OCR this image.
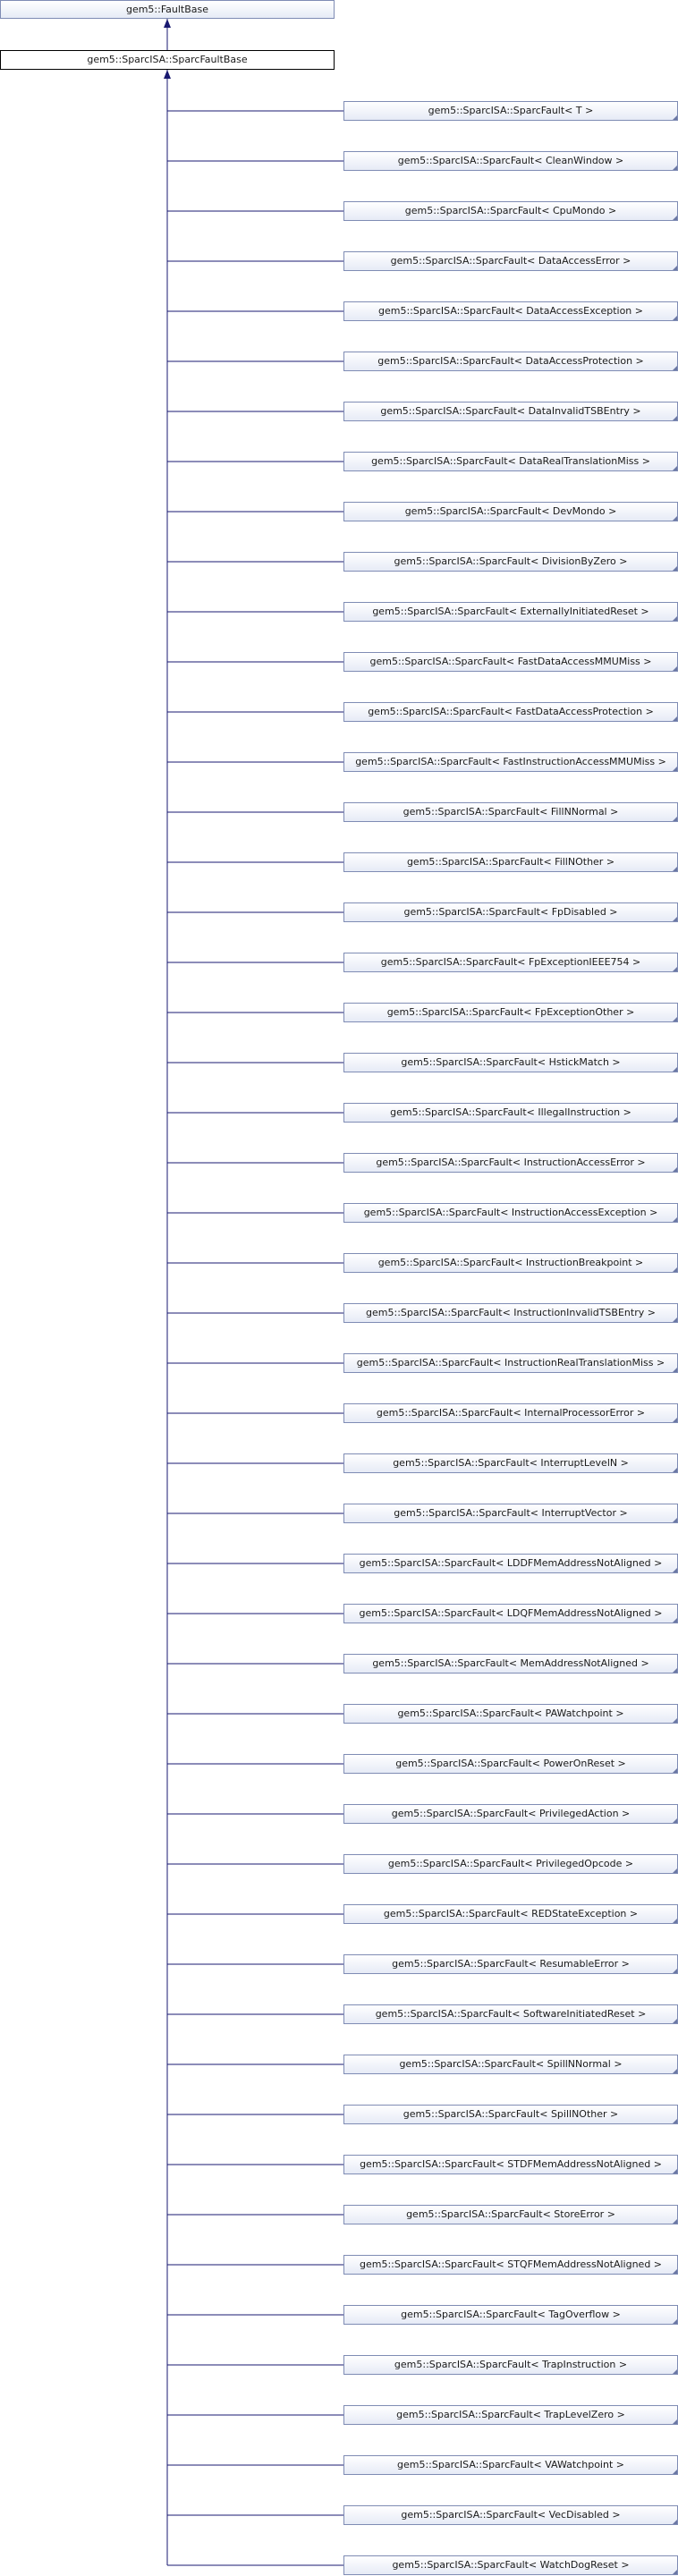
gem5::FaultBase
gem5::SparcISA::SparcFaultBase
gem5::SparcISA::SparcFault< T >
gem5::SparcISA::SparcFault< CleanWindow >
gem5::SparcISA::SparcFault< CpuMondo >
gem5::SparcISA::SparcFault< DataAccessError >
gem5::SparcISA::SparcFault< DataAccessException >
gem5::SparcISA::SparcFault< DataAccessProtection >
gem5::SparcISA::SparcFault< DataInvalidTSBEntry >
gem5::SparcISA::SparcFault< DataRealTranslationMiss >
gem5::SparcISA::SparcFault< DevMondo >
gem5::SparcISA::SparcFault< DivisionByZero >
gem5::SparcISA::SparcFault< ExternallyInitiatedReset >
gem5::SparcISA::SparcFault< FastDataAccessMMUMiss >
gem5::SparcISA::SparcFault< FastDataAccessProtection >
gem5::SparcISA::SparcFault< FastInstructionAccessMMUMiss >
gem5::SparcISA::SparcFault< FillNNormal >
gem5::SparcISA::SparcFault< FillNOther >
gem5::SparcISA::SparcFault< FpDisabled >
gem5::SparcISA::SparcFault< FpExceptionIEEE754 >
gem5::SparcISA::SparcFault< FpExceptionOther >
gem5::SparcISA::SparcFault< HstickMatch >
gem5::SparcISA::SparcFault< IllegalInstruction >
gem5::SparcISA::SparcFault< InstructionAccessError >
gem5::SparcISA::SparcFault< InstructionAccessException >
gem5::SparcISA::SparcFault< InstructionBreakpoint >
gem5::SparcISA::SparcFault< InstructionInvalidTSBEntry >
gem5::SparcISA::SparcFault< InstructionRealTranslationMiss >
gem5::SparcISA::SparcFault< InternalProcessorError >
gem5::SparcISA::SparcFault< InterruptLevelN >
gem5::SparcISA::SparcFault< InterruptVector >
gem5::SparcISA::SparcFault< LDDFMemAddressNotAligned >
gem5::SparcISA::SparcFault< LDQFMemAddressNotAligned >
gem5::SparcISA::SparcFault< MemAddressNotAligned >
gem5::SparcISA::SparcFault< PAWatchpoint >
gem5::SparcISA::SparcFault< PowerOnReset >
gem5::SparcISA::SparcFault< PrivilegedAction >
gem5::SparcISA::SparcFault< PrivilegedOpcode >
gem5::SparcISA::SparcFault< REDStateException >
gem5::SparcISA::SparcFault< ResumableError >
gem5::SparcISA::SparcFault< SoftwareInitiatedReset >
gem5::SparcISA::SparcFault< SpillNNormal >
gem5::SparcISA::SparcFault< SpillNOther >
gem5::SparcISA::SparcFault< STDFMemAddressNotAligned >
gem5::SparcISA::SparcFault< StoreError >
gem5::SparcISA::SparcFault< STQFMemAddressNotAligned >
gem5::SparcISA::SparcFault< TagOverflow >
gem5::SparcISA::SparcFault< TrapInstruction >
gem5::SparcISA::SparcFault< TrapLevelZero >
gem5::SparcISA::SparcFault< VAWatchpoint >
gem5::SparcISA::SparcFault< VecDisabled >
gem5::SparcISA::SparcFault< WatchDogReset >
